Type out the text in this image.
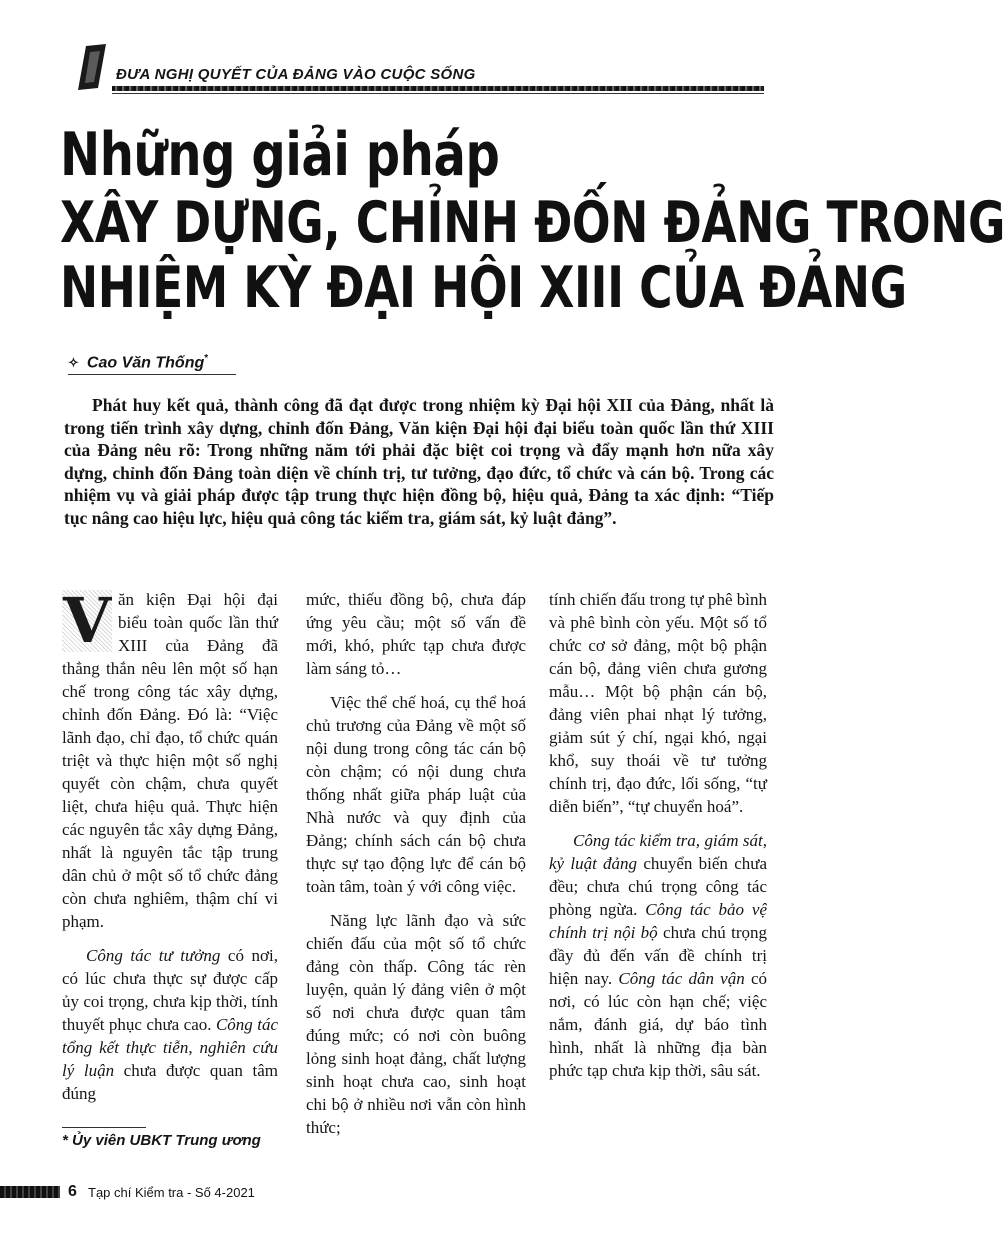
ĐƯA NGHỊ QUYẾT CỦA ĐẢNG VÀO CUỘC SỐNG
Những giải pháp
XÂY DỰNG, CHỈNH ĐỐN ĐẢNG TRONG
NHIỆM KỲ ĐẠI HỘI XIII CỦA ĐẢNG
✧ Cao Văn Thống*

Phát huy kết quả, thành công đã đạt được trong nhiệm kỳ Đại hội XII của Đảng, nhất là trong tiến trình xây dựng, chỉnh đốn Đảng, Văn kiện Đại hội đại biểu toàn quốc lần thứ XIII của Đảng nêu rõ: Trong những năm tới phải đặc biệt coi trọng và đẩy mạnh hơn nữa xây dựng, chỉnh đốn Đảng toàn diện về chính trị, tư tưởng, đạo đức, tổ chức và cán bộ. Trong các nhiệm vụ và giải pháp được tập trung thực hiện đồng bộ, hiệu quả, Đảng ta xác định: “Tiếp tục nâng cao hiệu lực, hiệu quả công tác kiểm tra, giám sát, kỷ luật đảng”.

V ăn kiện Đại hội đại biểu toàn quốc lần thứ XIII của Đảng đã thẳng thắn nêu lên một số hạn chế trong công tác xây dựng, chỉnh đốn Đảng. Đó là: “Việc lãnh đạo, chỉ đạo, tổ chức quán triệt và thực hiện một số nghị quyết còn chậm, chưa quyết liệt, chưa hiệu quả. Thực hiện các nguyên tắc xây dựng Đảng, nhất là nguyên tắc tập trung dân chủ ở một số tổ chức đảng còn chưa nghiêm, thậm chí vi phạm.

Công tác tư tưởng có nơi, có lúc chưa thực sự được cấp ủy coi trọng, chưa kịp thời, tính thuyết phục chưa cao. Công tác tổng kết thực tiễn, nghiên cứu lý luận chưa được quan tâm đúng

mức, thiếu đồng bộ, chưa đáp ứng yêu cầu; một số vấn đề mới, khó, phức tạp chưa được làm sáng tỏ…

Việc thể chế hoá, cụ thể hoá chủ trương của Đảng về một số nội dung trong công tác cán bộ còn chậm; có nội dung chưa thống nhất giữa pháp luật của Nhà nước và quy định của Đảng; chính sách cán bộ chưa thực sự tạo động lực để cán bộ toàn tâm, toàn ý với công việc.

Năng lực lãnh đạo và sức chiến đấu của một số tổ chức đảng còn thấp. Công tác rèn luyện, quản lý đảng viên ở một số nơi chưa được quan tâm đúng mức; có nơi còn buông lỏng sinh hoạt đảng, chất lượng sinh hoạt chưa cao, sinh hoạt chi bộ ở nhiều nơi vẫn còn hình thức;

tính chiến đấu trong tự phê bình và phê bình còn yếu. Một số tổ chức cơ sở đảng, một bộ phận cán bộ, đảng viên chưa gương mẫu… Một bộ phận cán bộ, đảng viên phai nhạt lý tưởng, giảm sút ý chí, ngại khó, ngại khổ, suy thoái về tư tưởng chính trị, đạo đức, lối sống, “tự diễn biến”, “tự chuyển hoá”.

Công tác kiểm tra, giám sát, kỷ luật đảng chuyển biến chưa đều; chưa chú trọng công tác phòng ngừa. Công tác bảo vệ chính trị nội bộ chưa chú trọng đầy đủ đến vấn đề chính trị hiện nay. Công tác dân vận có nơi, có lúc còn hạn chế; việc nắm, đánh giá, dự báo tình hình, nhất là những địa bàn phức tạp chưa kịp thời, sâu sát.

* Ủy viên UBKT Trung ương
6 Tạp chí Kiểm tra - Số 4-2021
